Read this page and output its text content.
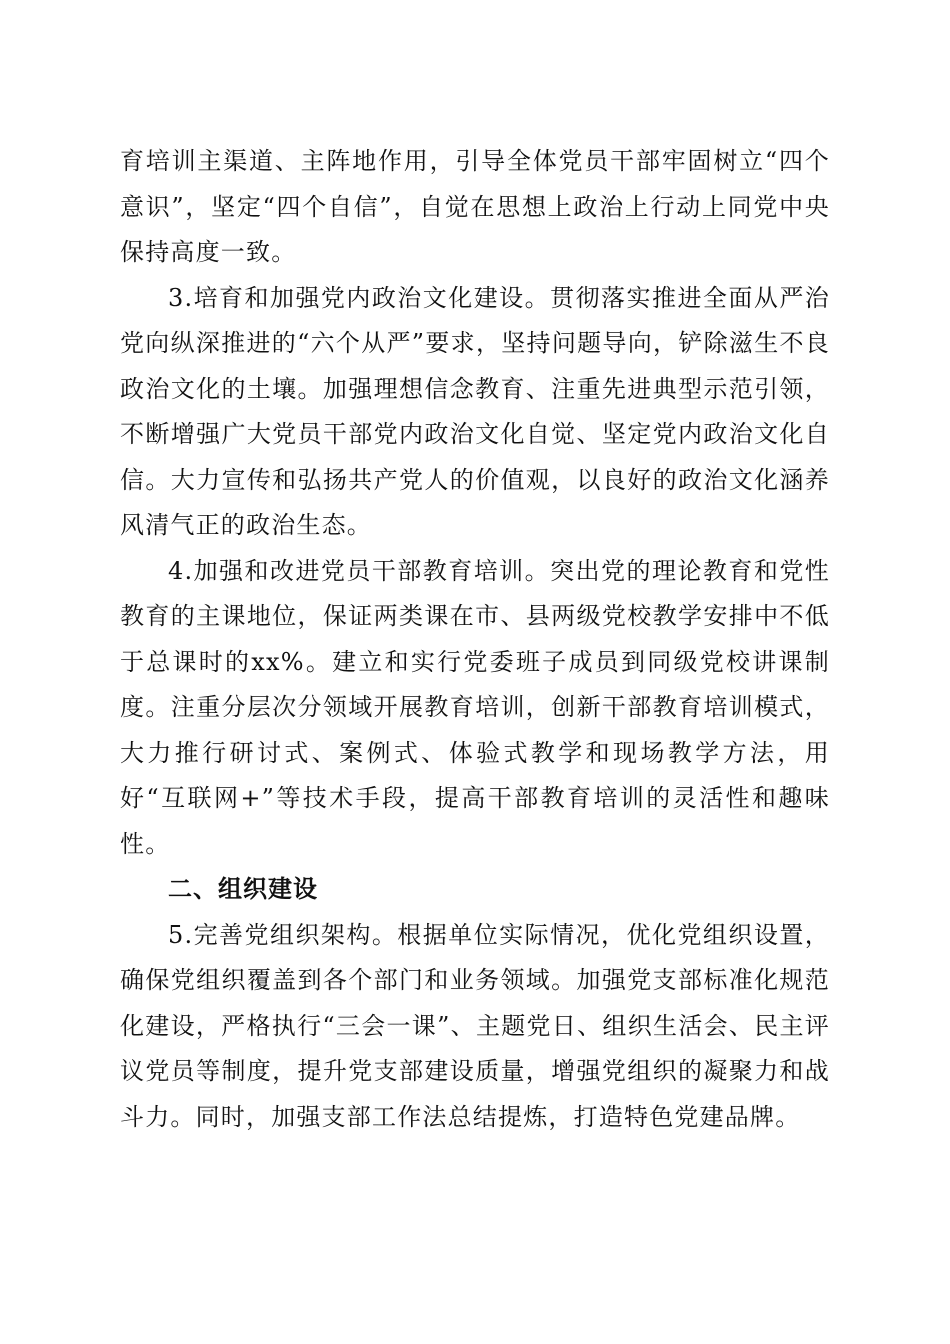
育培训主渠道、主阵地作用，引导全体党员干部牢固树立“四个意识”，坚定“四个自信”，自觉在思想上政治上行动上同党中央保持高度一致。

3.培育和加强党内政治文化建设。贯彻落实推进全面从严治党向纵深推进的“六个从严”要求，坚持问题导向，铲除滋生不良政治文化的土壤。加强理想信念教育、注重先进典型示范引领，不断增强广大党员干部党内政治文化自觉、坚定党内政治文化自信。大力宣传和弘扬共产党人的价值观，以良好的政治文化涵养风清气正的政治生态。

4.加强和改进党员干部教育培训。突出党的理论教育和党性教育的主课地位，保证两类课在市、县两级党校教学安排中不低于总课时的xx%。建立和实行党委班子成员到同级党校讲课制度。注重分层次分领域开展教育培训，创新干部教育培训模式，大力推行研讨式、案例式、体验式教学和现场教学方法，用好“互联网+”等技术手段，提高干部教育培训的灵活性和趣味性。

二、组织建设

5.完善党组织架构。根据单位实际情况，优化党组织设置，确保党组织覆盖到各个部门和业务领域。加强党支部标准化规范化建设，严格执行“三会一课”、主题党日、组织生活会、民主评议党员等制度，提升党支部建设质量，增强党组织的凝聚力和战斗力。同时，加强支部工作法总结提炼，打造特色党建品牌。
